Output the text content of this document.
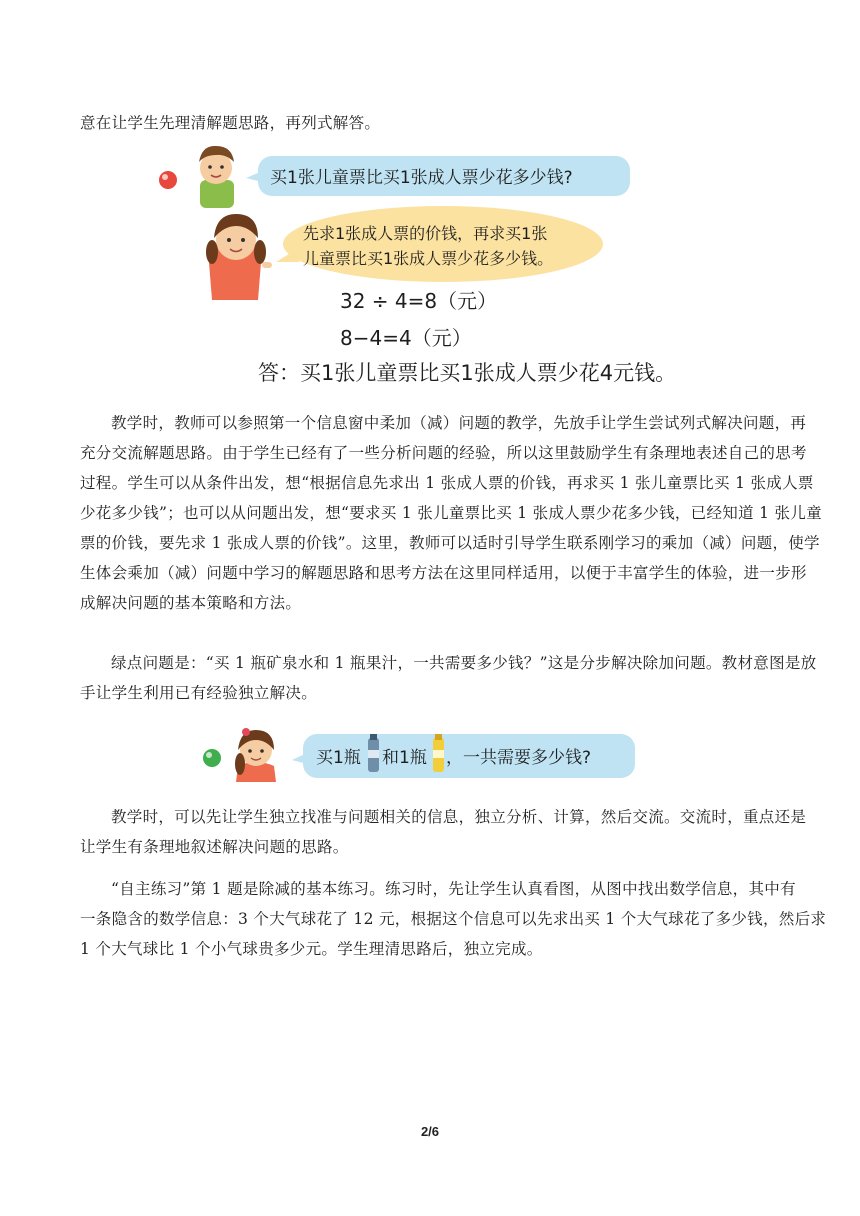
意在让学生先理清解题思路，再列式解答。
买1张儿童票比买1张成人票少花多少钱?
先求1张成人票的价钱，再求买1张
儿童票比买1张成人票少花多少钱。
32 ÷ 4=8（元）
8−4=4（元）
答：买1张儿童票比买1张成人票少花4元钱。
教学时，教师可以参照第一个信息窗中柔加（减）问题的教学，先放手让学生尝试列式解决问题，再
充分交流解题思路。由于学生已经有了一些分析问题的经验，所以这里鼓励学生有条理地表述自己的思考
过程。学生可以从条件出发，想“根据信息先求出 1 张成人票的价钱，再求买 1 张儿童票比买 1 张成人票
少花多少钱”；也可以从问题出发，想“要求买 1 张儿童票比买 1 张成人票少花多少钱，已经知道 1 张儿童
票的价钱，要先求 1 张成人票的价钱”。这里，教师可以适时引导学生联系刚学习的乘加（减）问题，使学
生体会乘加（减）问题中学习的解题思路和思考方法在这里同样适用，以便于丰富学生的体验，进一步形
成解决问题的基本策略和方法。
绿点问题是：“买 1 瓶矿泉水和 1 瓶果汁，一共需要多少钱？”这是分步解决除加问题。教材意图是放
手让学生利用已有经验独立解决。
买1瓶 和1瓶 ，一共需要多少钱?
教学时，可以先让学生独立找准与问题相关的信息，独立分析、计算，然后交流。交流时，重点还是
让学生有条理地叙述解决问题的思路。
“自主练习”第 1 题是除减的基本练习。练习时，先让学生认真看图，从图中找出数学信息，其中有
一条隐含的数学信息：3 个大气球花了 12 元，根据这个信息可以先求出买 1 个大气球花了多少钱，然后求
1 个大气球比 1 个小气球贵多少元。学生理清思路后，独立完成。
2/6
